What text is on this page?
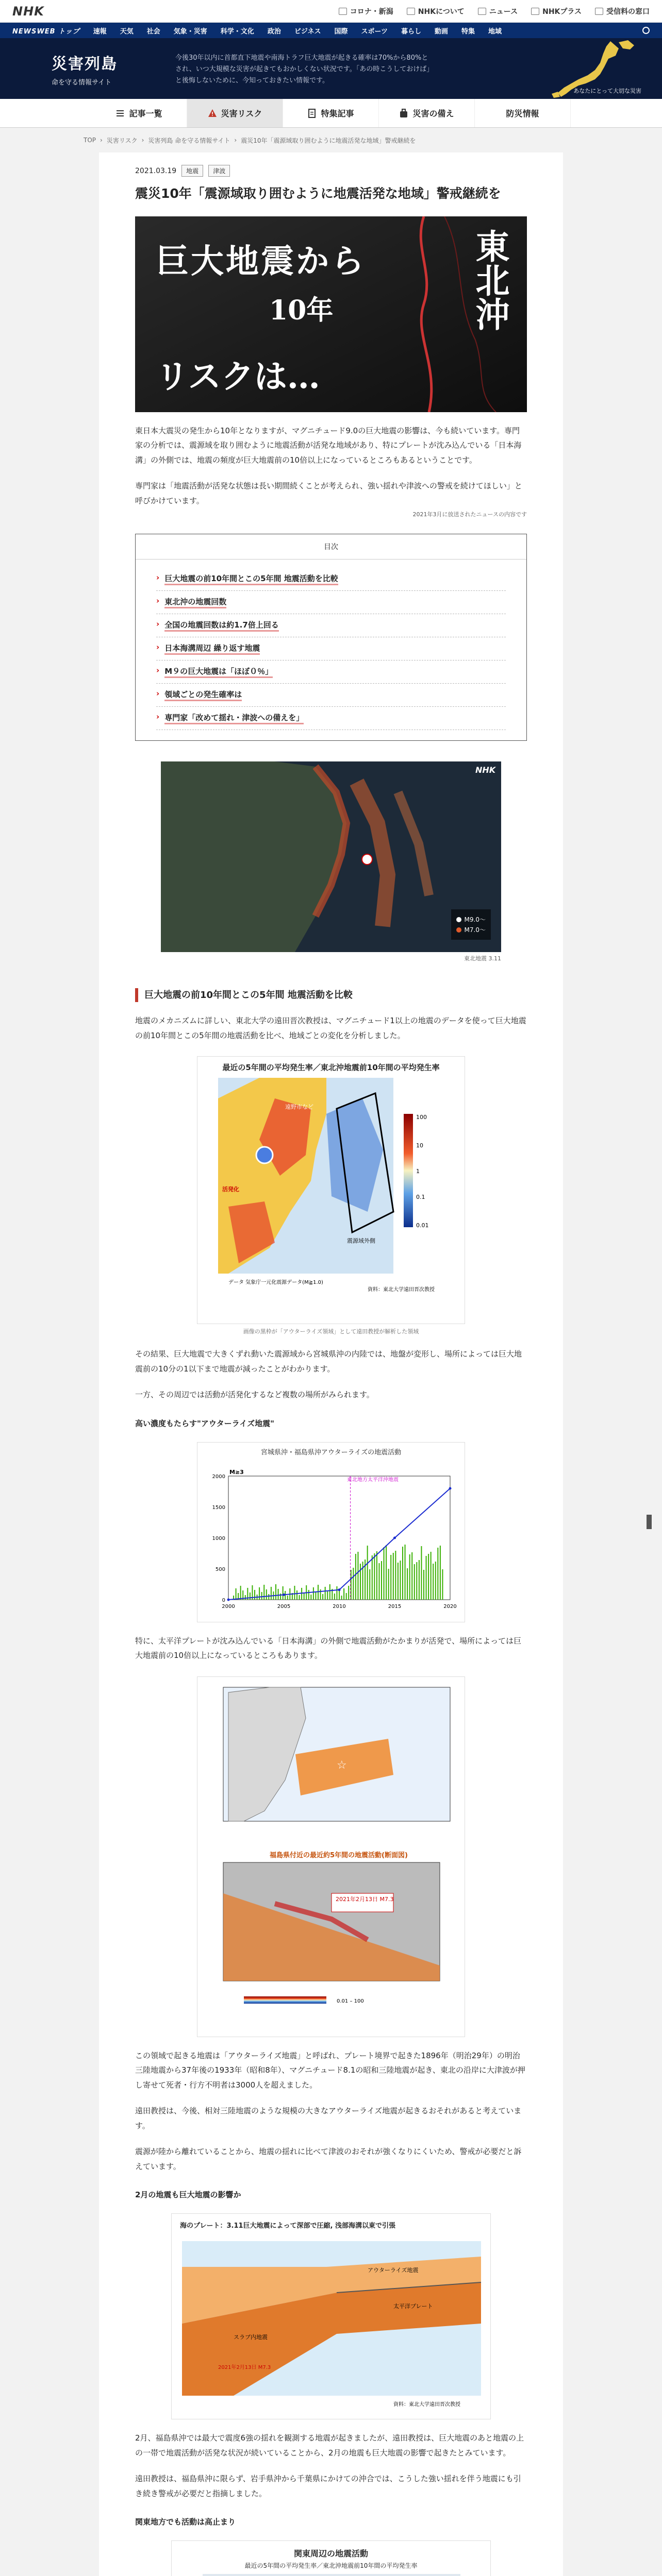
NHK	コロナ・新潟	NHKについて	ニュース	NHKプラス	受信料の窓口
NEWSWEB トップ 速報 天気 社会 気象・災害 科学・文化 政治 ビジネス 国際 スポーツ 暮らし 動画 特集 地域
災害列島
命を守る情報サイト
今後30年以内に首都直下地震や南海トラフ巨大地震が起きる確率は70%から80%とされ、いつ大規模な災害が起きてもおかしくない状況です。「あの時こうしておけば」と後悔しないために、今知っておきたい情報です。
あなたにとって大切な災害
記事一覧	災害リスク	特集記事	災害の備え	防災情報
TOP › 災害リスク › 災害列島 命を守る情報サイト › 震災10年「震源域取り囲むように地震活発な地域」警戒継続を
2021.03.19	地震	津波
震災10年「震源域取り囲むように地震活発な地域」警戒継続を
巨大地震から
10年
リスクは…
東北沖

東日本大震災の発生から10年となりますが、マグニチュード9.0の巨大地震の影響は、今も続いています。専門家の分析では、震源域を取り囲むように地震活動が活発な地域があり、特にプレートが沈み込んでいる「日本海溝」の外側では、地震の頻度が巨大地震前の10倍以上になっているところもあるということです。

専門家は「地震活動が活発な状態は長い期間続くことが考えられ、強い揺れや津波への警戒を続けてほしい」と呼びかけています。

2021年3月に放送されたニュースの内容です
目次
› 巨大地震の前10年間とこの5年間 地震活動を比較
› 東北沖の地震回数
› 全国の地震回数は約1.7倍上回る
› 日本海溝周辺 繰り返す地震
› M９の巨大地震は「ほぼ０％」
› 領域ごとの発生確率は
› 専門家「改めて揺れ・津波への備えを」
NHK
M9.0～
M7.0～
東北地震 3.11
巨大地震の前10年間とこの5年間 地震活動を比較

地震のメカニズムに詳しい、東北大学の遠田晋次教授は、マグニチュード1以上の地震のデータを使って巨大地震の前10年間とこの5年間の地震活動を比べ、地域ごとの変化を分析しました。

最近の5年間の平均発生率／東北沖地震前10年間の平均発生率
100
10
1
0.1
0.01
遠野市など
活発化
震源域外側
データ 気象庁一元化震源データ(M≧1.0)
資料：東北大学遠田晋次教授
画像の黒枠が「アウターライズ領域」として遠田教授が解析した領域

その結果、巨大地震で大きくずれ動いた震源域から宮城県沖の内陸では、地盤が変形し、場所によっては巨大地震前の10分の1以下まで地震が減ったことがわかります。

一方、その周辺では活動が活発化するなど複数の場所がみられます。

高い濃度もたらす"アウターライズ地震"
宮城県沖・福島県沖アウターライズの地震活動
M≥3
東北地方太平洋沖地震
0
500
1000
1500
2000
2000	2005	2010	2015	2020

特に、太平洋プレートが沈み込んでいる「日本海溝」の外側で地震活動がたかまりが活発で、場所によっては巨大地震前の10倍以上になっているところもあります。

☆
福島県付近の最近約5年間の地震活動(断面図)
2021年2月13日 M7.3
0.01 – 100

この領域で起きる地震は「アウターライズ地震」と呼ばれ、プレート境界で起きた1896年（明治29年）の明治三陸地震から37年後の1933年（昭和8年）、マグニチュード8.1の昭和三陸地震が起き、東北の沿岸に大津波が押し寄せて死者・行方不明者は3000人を超えました。

遠田教授は、今後、相対三陸地震のような規模の大きなアウターライズ地震が起きるおそれがあると考えています。

震源が陸から離れていることから、地震の揺れに比べて津波のおそれが強くなりにくいため、警戒が必要だと訴えています。

2月の地震も巨大地震の影響か
海のプレート：3.11巨大地震によって深部で圧縮, 浅部海溝以東で引張
アウターライズ地震
太平洋プレート
スラブ内地震
2021年2月13日 M7.3
資料：東北大学遠田晋次教授

2月、福島県沖では最大で震度6強の揺れを観測する地震が起きましたが、遠田教授は、巨大地震のあと地震の上の一帯で地震活動が活発な状況が続いていることから、2月の地震も巨大地震の影響で起きたとみています。

遠田教授は、福島県沖に限らず、岩手県沖から千葉県にかけての沖合では、こうした強い揺れを伴う地震にも引き続き警戒が必要だと指摘しました。

関東地方でも活動は高止まり
関東周辺の地震活動
最近の5年間の平均発生率／東北沖地震前10年間の平均発生率
